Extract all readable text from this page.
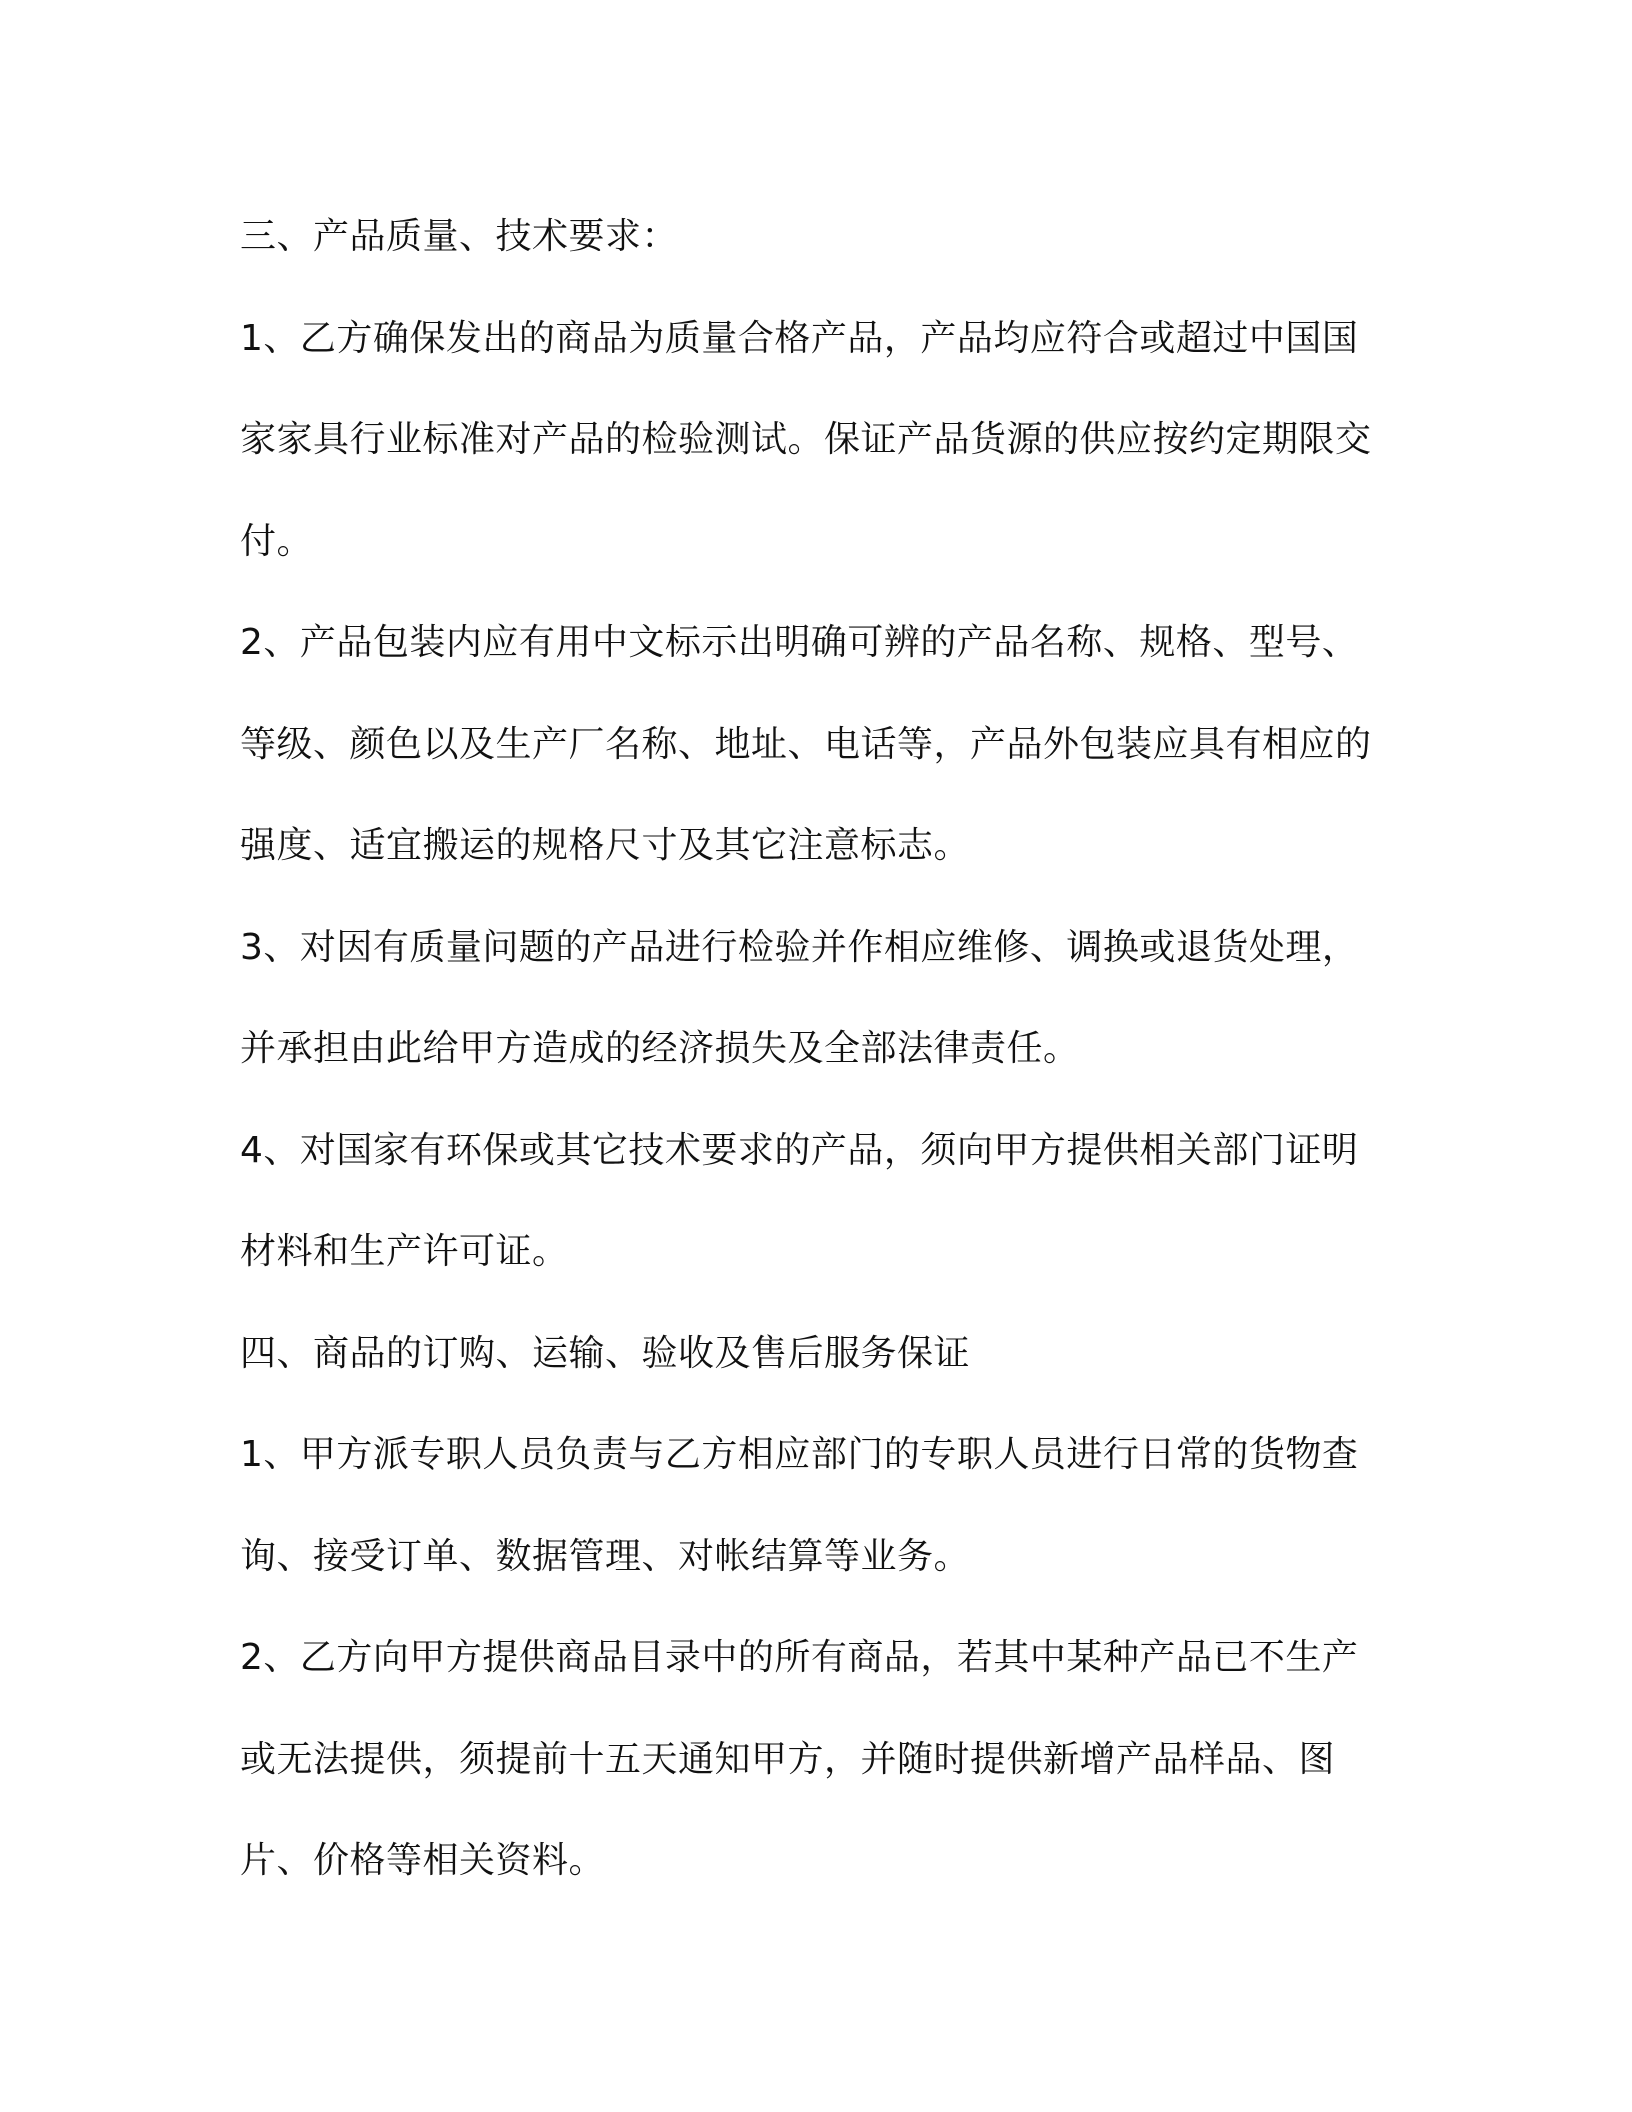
三、产品质量、技术要求：

1、乙方确保发出的商品为质量合格产品，产品均应符合或超过中国国家家具行业标准对产品的检验测试。保证产品货源的供应按约定期限交付。

2、产品包装内应有用中文标示出明确可辨的产品名称、规格、型号、等级、颜色以及生产厂名称、地址、电话等，产品外包装应具有相应的强度、适宜搬运的规格尺寸及其它注意标志。

3、对因有质量问题的产品进行检验并作相应维修、调换或退货处理，并承担由此给甲方造成的经济损失及全部法律责任。

4、对国家有环保或其它技术要求的产品，须向甲方提供相关部门证明材料和生产许可证。

四、商品的订购、运输、验收及售后服务保证

1、甲方派专职人员负责与乙方相应部门的专职人员进行日常的货物查询、接受订单、数据管理、对帐结算等业务。

2、乙方向甲方提供商品目录中的所有商品，若其中某种产品已不生产或无法提供，须提前十五天通知甲方，并随时提供新增产品样品、图片、价格等相关资料。
